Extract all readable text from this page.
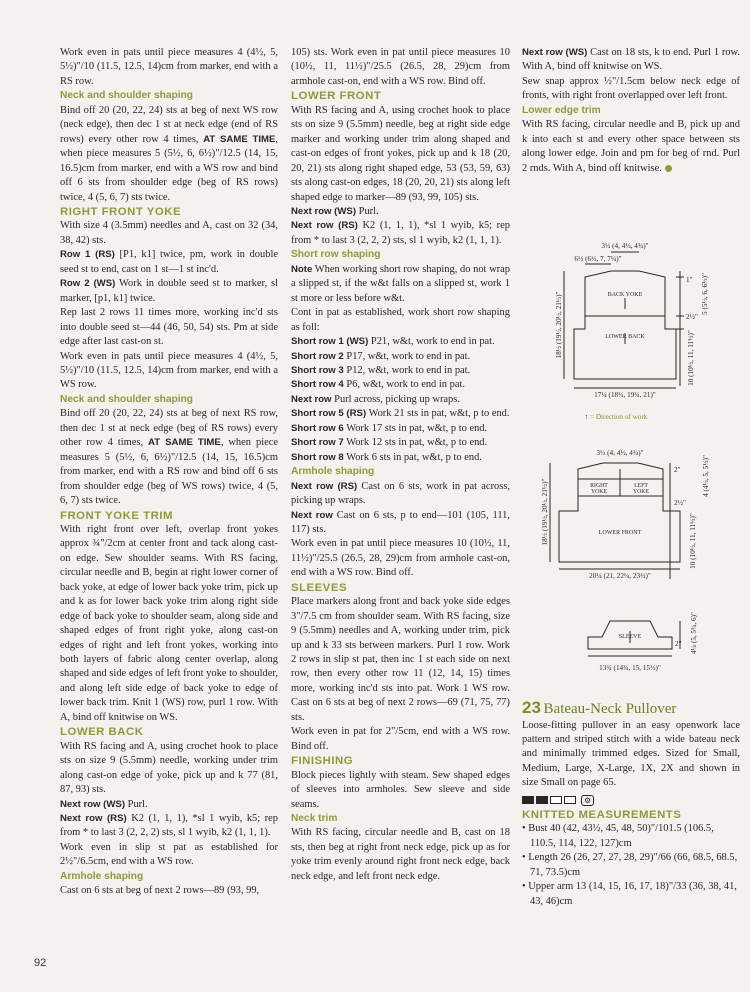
Work even in pats until piece measures 4 (4½, 5, 5½)"/10 (11.5, 12.5, 14)cm from marker, end with a RS row.

Neck and shoulder shaping

Bind off 20 (20, 22, 24) sts at beg of next WS row (neck edge), then dec 1 st at neck edge (end of RS rows) every other row 4 times, AT SAME TIME, when piece measures 5 (5½, 6, 6½)"/12.5 (14, 15, 16.5)cm from marker, end with a WS row and bind off 6 sts from shoulder edge (beg of RS rows) twice, 4 (5, 6, 7) sts twice.

RIGHT FRONT YOKE

With size 4 (3.5mm) needles and A, cast on 32 (34, 38, 42) sts.

Row 1 (RS) [P1, k1] twice, pm, work in double seed st to end, cast on 1 st—1 st inc'd.

Row 2 (WS) Work in double seed st to marker, sl marker, [p1, k1] twice.

Rep last 2 rows 11 times more, working inc'd sts into double seed st—44 (46, 50, 54) sts. Pm at side edge after last cast-on st.

Work even in pats until piece measures 4 (4½, 5, 5½)"/10 (11.5, 12.5, 14)cm from marker, end with a WS row.

Neck and shoulder shaping

Bind off 20 (20, 22, 24) sts at beg of next RS row, then dec 1 st at neck edge (beg of RS rows) every other row 4 times, AT SAME TIME, when piece measures 5 (5½, 6, 6½)"/12.5 (14, 15, 16.5)cm from marker, end with a RS row and bind off 6 sts from shoulder edge (beg of WS rows) twice, 4 (5, 6, 7) sts twice.

FRONT YOKE TRIM

With right front over left, overlap front yokes approx ¾"/2cm at center front and tack along cast-on edge. Sew shoulder seams. With RS facing, circular needle and B, begin at right lower corner of back yoke, at edge of lower back yoke trim, pick up and k as for lower back yoke trim along right side edge of back yoke to shoulder seam, along side and shaped edges of front right yoke, along cast-on edges of right and left front yokes, working into both layers of fabric along center overlap, along shaped and side edges of left front yoke to shoulder, and along left side edge of back yoke to edge of lower back trim. Knit 1 (WS) row, purl 1 row. With A, bind off knitwise on WS.

LOWER BACK

With RS facing and A, using crochet hook to place sts on size 9 (5.5mm) needle, working under trim along cast-on edge of yoke, pick up and k 77 (81, 87, 93) sts.

Next row (WS) Purl.

Next row (RS) K2 (1, 1, 1), *sl 1 wyib, k5; rep from * to last 3 (2, 2, 2) sts, sl 1 wyib, k2 (1, 1, 1).

Work even in slip st pat as established for 2½"/6.5cm, end with a WS row.

Armhole shaping

Cast on 6 sts at beg of next 2 rows—89 (93, 99,

105) sts. Work even in pat until piece measures 10 (10½, 11, 11½)"/25.5 (26.5, 28, 29)cm from armhole cast-on, end with a WS row. Bind off.

LOWER FRONT

With RS facing and A, using crochet hook to place sts on size 9 (5.5mm) needle, beg at right side edge marker and working under trim along shaped and cast-on edges of front yokes, pick up and k 18 (20, 20, 21) sts along right shaped edge, 53 (53, 59, 63) sts along cast-on edges, 18 (20, 20, 21) sts along left shaped edge to marker—89 (93, 99, 105) sts.

Next row (WS) Purl.

Next row (RS) K2 (1, 1, 1), *sl 1 wyib, k5; rep from * to last 3 (2, 2, 2) sts, sl 1 wyib, k2 (1, 1, 1).

Short row shaping

Note When working short row shaping, do not wrap a slipped st, if the w&t falls on a slipped st, work 1 st more or less before w&t.

Cont in pat as established, work short row shaping as foll:

Short row 1 (WS) P21, w&t, work to end in pat.

Short row 2 P17, w&t, work to end in pat.

Short row 3 P12, w&t, work to end in pat.

Short row 4 P6, w&t, work to end in pat.

Next row Purl across, picking up wraps.

Short row 5 (RS) Work 21 sts in pat, w&t, p to end.

Short row 6 Work 17 sts in pat, w&t, p to end.

Short row 7 Work 12 sts in pat, w&t, p to end.

Short row 8 Work 6 sts in pat, w&t, p to end.

Armhole shaping

Next row (RS) Cast on 6 sts, work in pat across, picking up wraps.

Next row Cast on 6 sts, p to end—101 (105, 111, 117) sts.

Work even in pat until piece measures 10 (10½, 11, 11½)"/25.5 (26.5, 28, 29)cm from armhole cast-on, end with a WS row. Bind off.

SLEEVES

Place markers along front and back yoke side edges 3"/7.5 cm from shoulder seam. With RS facing, size 9 (5.5mm) needles and A, working under trim, pick up and k 33 sts between markers. Purl 1 row. Work 2 rows in slip st pat, then inc 1 st each side on next row, then every other row 11 (12, 14, 15) times more, working inc'd sts into pat. Work 1 WS row. Cast on 6 sts at beg of next 2 rows—69 (71, 75, 77) sts.

Work even in pat for 2"/5cm, end with a WS row. Bind off.

FINISHING

Block pieces lightly with steam. Sew shaped edges of sleeves into armholes. Sew sleeve and side seams.

Neck trim

With RS facing, circular needle and B, cast on 18 sts, then beg at right front neck edge, pick up as for yoke trim evenly around right front neck edge, back neck edge, and left front neck edge.

Next row (WS) Cast on 18 sts, k to end. Purl 1 row. With A, bind off knitwise on WS.

Sew snap approx ½"/1.5cm below neck edge of fronts, with right front overlapped over left front.

Lower edge trim

With RS facing, circular needle and B, pick up and k into each st and every other space between sts along lower edge. Join and pm for beg of rnd. Purl 2 rnds. With A, bind off knitwise.

23 Bateau-Neck Pullover

Loose-fitting pullover in an easy openwork lace pattern and striped stitch with a wide bateau neck and minimally trimmed edges. Sized for Small, Medium, Large, X-Large, 1X, 2X and shown in size Small on page 65.

⚙
KNITTED MEASUREMENTS
• Bust 40 (42, 43½, 45, 48, 50)"/101.5 (106.5, 110.5, 114, 122, 127)cm
• Length 26 (26, 27, 27, 28, 29)"/66 (66, 68.5, 68.5, 71, 73.5)cm
• Upper arm 13 (14, 15, 16, 17, 18)"/33 (36, 38, 41, 43, 46)cm
3½ (4, 4½, 4¾)"
6½ (6½, 7, 7¼)"
BACK YOKE
LOWER BACK
17¼ (18½, 19¾, 21)"
18½ (19½, 20½, 21½)"
1"
2½"
5 (5½, 6, 6½)"
10 (10½, 11, 11½)"
↑ = Direction of work
3½ (4, 4½, 4¾)"
RIGHT
YOKE
LEFT
YOKE
LOWER FRONT
20¼ (21, 22¼, 23½)"
18½ (19½, 20½, 21½)"
2"
2½"
4 (4½, 5, 5½)"
10 (10½, 11, 11½)"
SLEEVE
2" 4¼ (5, 5¾, 6)"
13¾ (14¾, 15, 15½)"
92
